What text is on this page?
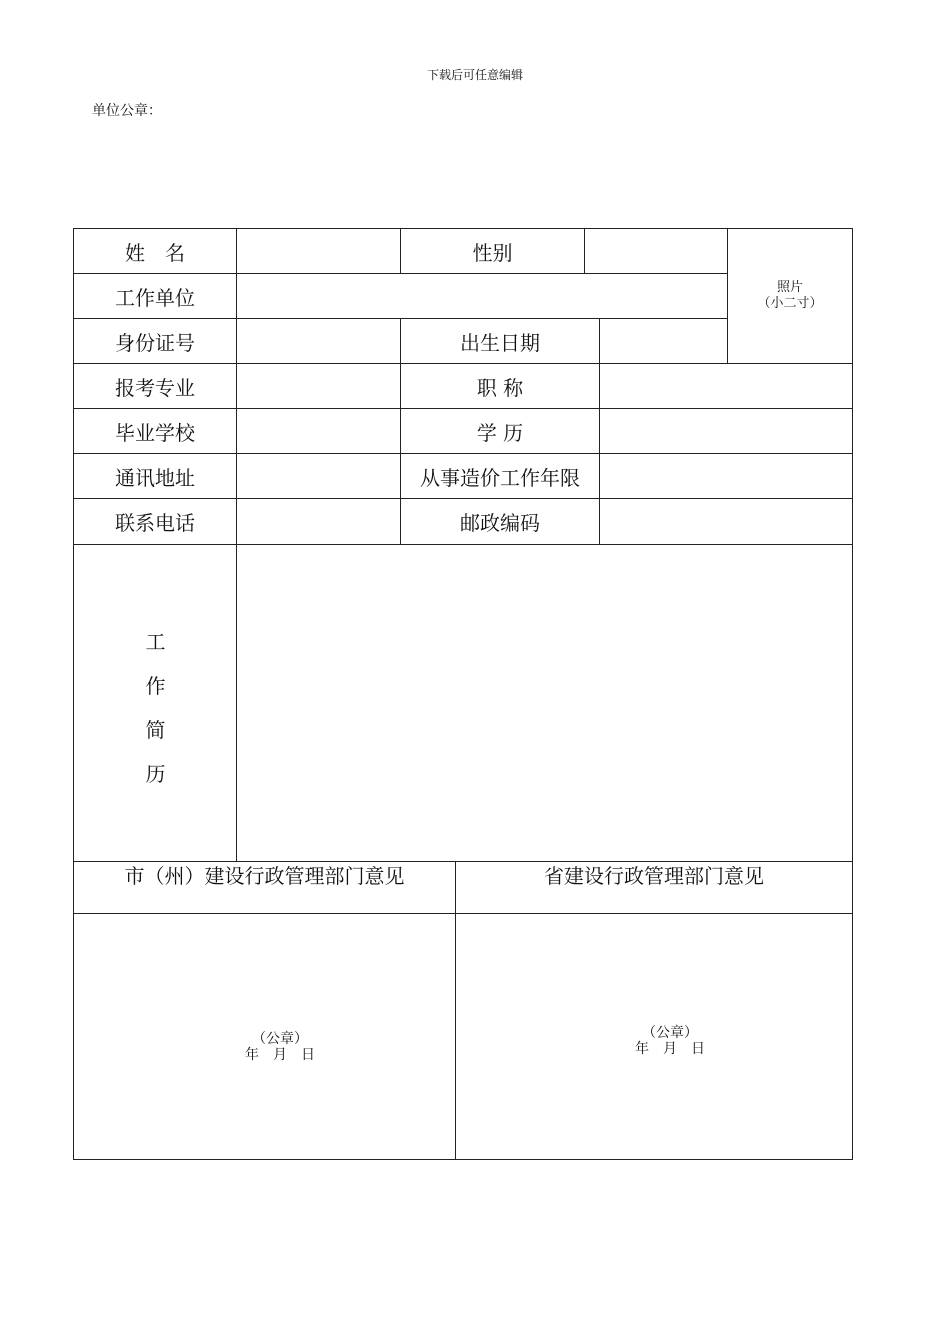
下载后可任意编辑
单位公章：
姓　名	性别
照片
（小二寸）
工作单位
身份证号	出生日期
报考专业	职 称
毕业学校	学 历
通讯地址	从事造价工作年限
联系电话	邮政编码
工
作
简
历
市（州）建设行政管理部门意见	省建设行政管理部门意见
（公章）
年　月　日
（公章）
年　月　日
